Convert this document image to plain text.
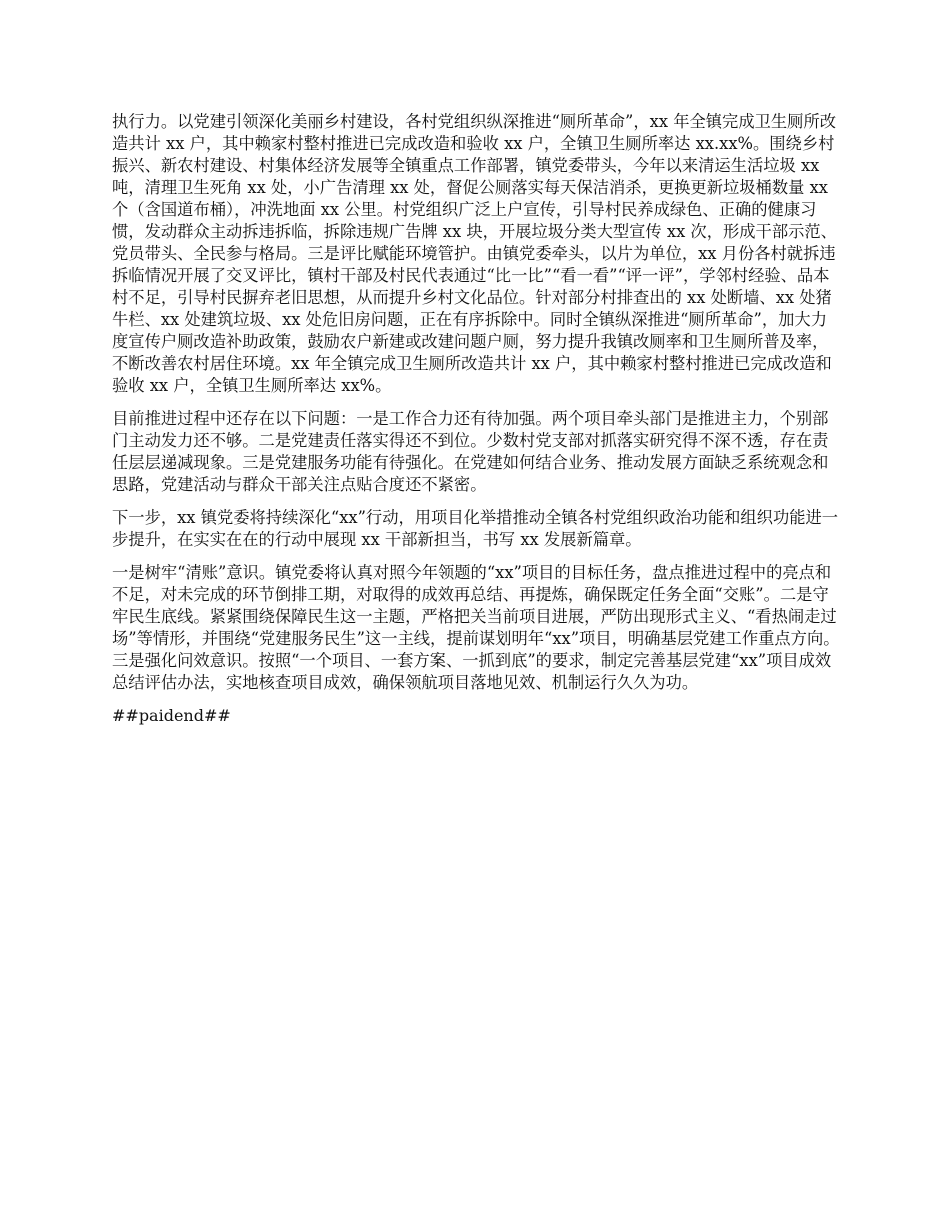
执行力。以党建引领深化美丽乡村建设，各村党组织纵深推进“厕所革命”，xx 年全镇完成卫生厕所改造共计 xx 户，其中赖家村整村推进已完成改造和验收 xx 户，全镇卫生厕所率达 xx.xx%。围绕乡村振兴、新农村建设、村集体经济发展等全镇重点工作部署，镇党委带头，今年以来清运生活垃圾 xx 吨，清理卫生死角 xx 处，小广告清理 xx 处，督促公厕落实每天保洁消杀，更换更新垃圾桶数量 xx 个（含国道布桶），冲洗地面 xx 公里。村党组织广泛上户宣传，引导村民养成绿色、正确的健康习惯，发动群众主动拆违拆临，拆除违规广告牌 xx 块，开展垃圾分类大型宣传 xx 次，形成干部示范、党员带头、全民参与格局。三是评比赋能环境管护。由镇党委牵头，以片为单位，xx 月份各村就拆违拆临情况开展了交叉评比，镇村干部及村民代表通过“比一比”“看一看”“评一评”，学邻村经验、品本村不足，引导村民摒弃老旧思想，从而提升乡村文化品位。针对部分村排查出的 xx 处断墙、xx 处猪牛栏、xx 处建筑垃圾、xx 处危旧房问题，正在有序拆除中。同时全镇纵深推进“厕所革命”，加大力度宣传户厕改造补助政策，鼓励农户新建或改建问题户厕，努力提升我镇改厕率和卫生厕所普及率，不断改善农村居住环境。xx 年全镇完成卫生厕所改造共计 xx 户，其中赖家村整村推进已完成改造和验收 xx 户，全镇卫生厕所率达 xx%。

目前推进过程中还存在以下问题：一是工作合力还有待加强。两个项目牵头部门是推进主力，个别部门主动发力还不够。二是党建责任落实得还不到位。少数村党支部对抓落实研究得不深不透，存在责任层层递减现象。三是党建服务功能有待强化。在党建如何结合业务、推动发展方面缺乏系统观念和思路，党建活动与群众干部关注点贴合度还不紧密。

下一步，xx 镇党委将持续深化“xx”行动，用项目化举措推动全镇各村党组织政治功能和组织功能进一步提升，在实实在在的行动中展现 xx 干部新担当，书写 xx 发展新篇章。

一是树牢“清账”意识。镇党委将认真对照今年领题的“xx”项目的目标任务，盘点推进过程中的亮点和不足，对未完成的环节倒排工期，对取得的成效再总结、再提炼，确保既定任务全面“交账”。二是守牢民生底线。紧紧围绕保障民生这一主题，严格把关当前项目进展，严防出现形式主义、“看热闹走过场”等情形，并围绕“党建服务民生”这一主线，提前谋划明年“xx”项目，明确基层党建工作重点方向。三是强化问效意识。按照“一个项目、一套方案、一抓到底”的要求，制定完善基层党建“xx”项目成效总结评估办法，实地核查项目成效，确保领航项目落地见效、机制运行久久为功。

##paidend##
